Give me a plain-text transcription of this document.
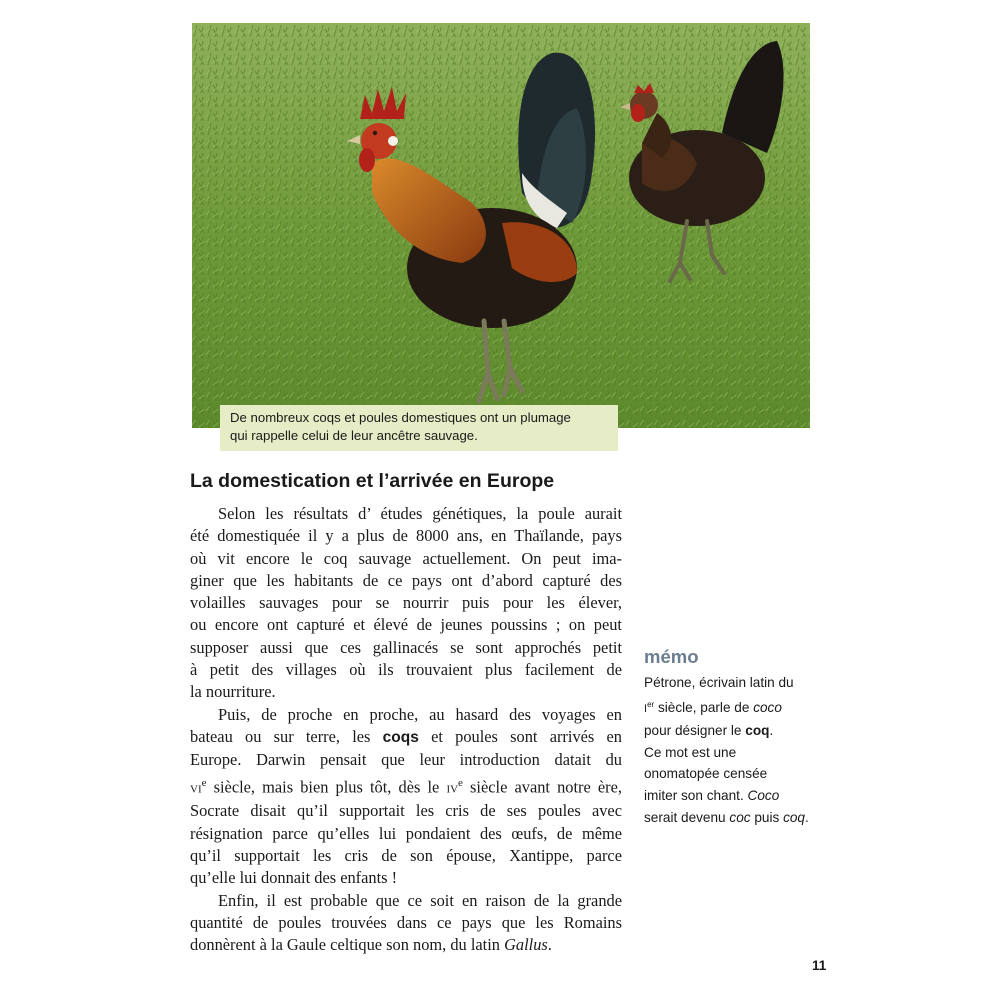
De nombreux coqs et poules domestiques ont un plumage
qui rappelle celui de leur ancêtre sauvage.
La domestication et l’arrivée en Europe
Selon les résultats d’ études génétiques, la poule aurait
été domestiquée il y a plus de 8000 ans, en Thaïlande, pays
où vit encore le coq sauvage actuellement. On peut ima-
giner que les habitants de ce pays ont d’abord capturé des
volailles sauvages pour se nourrir puis pour les élever,
ou encore ont capturé et élevé de jeunes poussins ; on peut
supposer aussi que ces gallinacés se sont approchés petit
à petit des villages où ils trouvaient plus facilement de
la nourriture.
Puis, de proche en proche, au hasard des voyages en
bateau ou sur terre, les coqs et poules sont arrivés en
Europe. Darwin pensait que leur introduction datait du
VIe siècle, mais bien plus tôt, dès le IVe siècle avant notre ère,
Socrate disait qu’il supportait les cris de ses poules avec
résignation parce qu’elles lui pondaient des œufs, de même
qu’il supportait les cris de son épouse, Xantippe, parce
qu’elle lui donnait des enfants !
Enfin, il est probable que ce soit en raison de la grande
quantité de poules trouvées dans ce pays que les Romains
donnèrent à la Gaule celtique son nom, du latin Gallus.
mémo
Pétrone, écrivain latin du
Ier siècle, parle de coco
pour désigner le coq.
Ce mot est une
onomatopée censée
imiter son chant. Coco
serait devenu coc puis coq.
11
